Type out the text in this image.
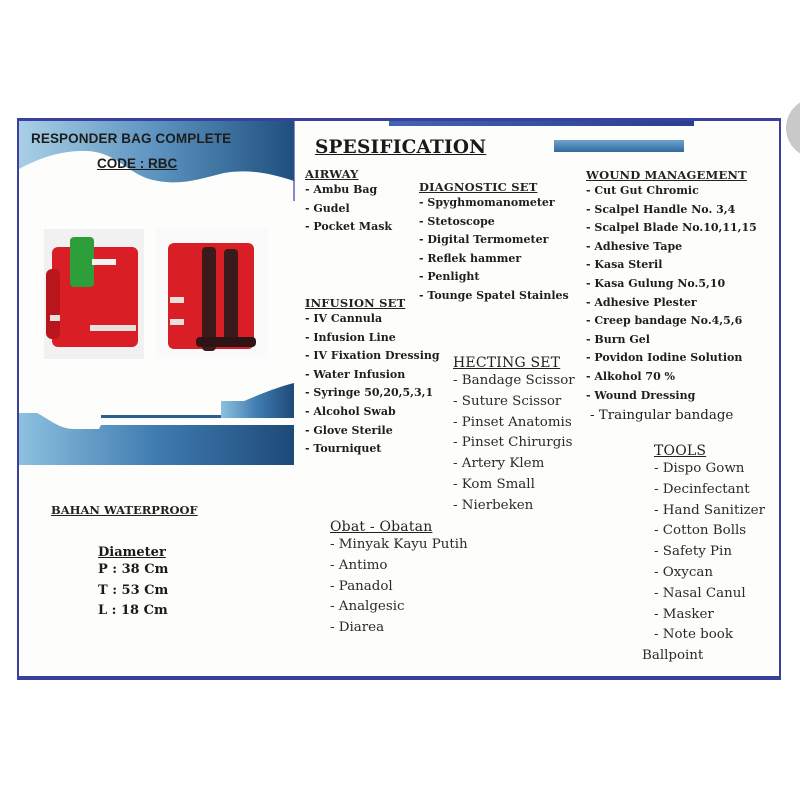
RESPONDER BAG COMPLETE
CODE : RBC
SPESIFICATION
AIRWAY
- Ambu Bag
- Gudel
- Pocket Mask
DIAGNOSTIC SET
- Spyghmomanometer
- Stetoscope
- Digital Termometer
- Reflek hammer
- Penlight
- Tounge Spatel Stainles
WOUND MANAGEMENT
- Cut Gut Chromic
- Scalpel Handle No. 3,4
- Scalpel Blade No.10,11,15
- Adhesive Tape
- Kasa Steril
- Kasa Gulung No.5,10
- Adhesive Plester
- Creep bandage No.4,5,6
- Burn Gel
- Povidon Iodine Solution
- Alkohol 70 %
- Wound Dressing
- Traingular bandage
INFUSION SET
- IV Cannula
- Infusion Line
- IV Fixation Dressing
- Water Infusion
- Syringe 50,20,5,3,1
- Alcohol Swab
- Glove Sterile
- Tourniquet
HECTING SET
- Bandage Scissor
- Suture Scissor
- Pinset Anatomis
- Pinset Chirurgis
- Artery Klem
- Kom Small
- Nierbeken
TOOLS
- Dispo Gown
- Decinfectant
- Hand Sanitizer
- Cotton Bolls
- Safety Pin
- Oxycan
- Nasal Canul
- Masker
- Note book
Ballpoint
Obat - Obatan
- Minyak Kayu Putih
- Antimo
- Panadol
- Analgesic
- Diarea
BAHAN WATERPROOF
Diameter
P : 38 Cm
T : 53 Cm
L : 18 Cm
